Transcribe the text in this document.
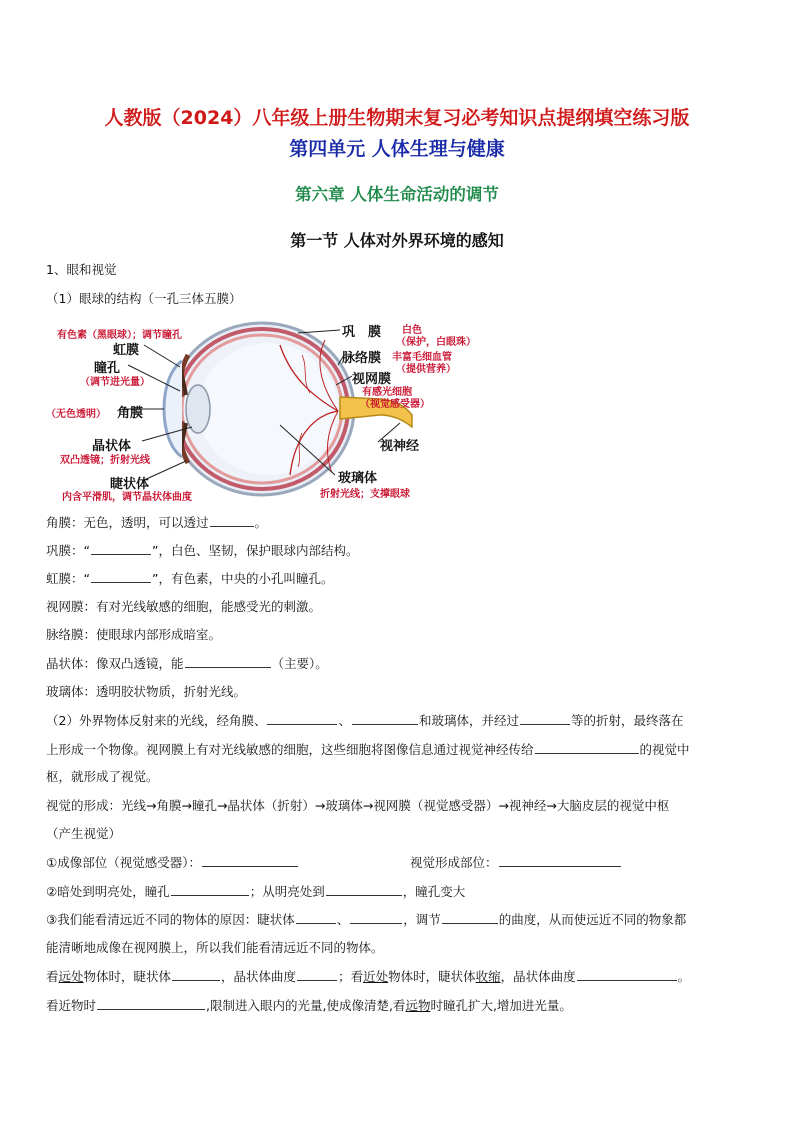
人教版（2024）八年级上册生物期末复习必考知识点提纲填空练习版
第四单元 人体生理与健康
第六章 人体生命活动的调节
第一节 人体对外界环境的感知
1、眼和视觉
（1）眼球的结构（一孔三体五膜）
有色素（黑眼球）；调节瞳孔
虹膜
瞳孔
（调节进光量）
（无色透明） 角膜
晶状体
双凸透镜；折射光线
睫状体
内含平滑肌，调节晶状体曲度
巩　膜 白色
（保护，白眼珠）
脉络膜 丰富毛细血管
（提供营养）
视网膜
有感光细胞
（视觉感受器）
视神经
玻璃体
折射光线；支撑眼球
角膜：无色，透明，可以透过	。
巩膜：“	”，白色、坚韧，保护眼球内部结构。
虹膜：“	”，有色素，中央的小孔叫瞳孔。
视网膜：有对光线敏感的细胞，能感受光的刺激。
脉络膜：使眼球内部形成暗室。
晶状体：像双凸透镜，能	（主要）。
玻璃体：透明胶状物质，折射光线。
（2）外界物体反射来的光线，经角膜、	、	和玻璃体，并经过	等的折射，最终落在
上形成一个物像。视网膜上有对光线敏感的细胞，这些细胞将图像信息通过视觉神经传给	的视觉中
枢，就形成了视觉。
视觉的形成：光线→角膜→瞳孔→晶状体（折射）→玻璃体→视网膜（视觉感受器）→视神经→大脑皮层的视觉中枢
（产生视觉）
①成像部位（视觉感受器）：	视觉形成部位：
②暗处到明亮处，瞳孔	；从明亮处到	，瞳孔变大
③我们能看清远近不同的物体的原因：睫状体	、	，调节	的曲度，从而使远近不同的物象都
能清晰地成像在视网膜上，所以我们能看清远近不同的物体。
看远处物体时，睫状体	，晶状体曲度	；看近处物体时，睫状体收缩，晶状体曲度	。
看近物时	,限制进入眼内的光量,使成像清楚,看远物时瞳孔扩大,增加进光量。
